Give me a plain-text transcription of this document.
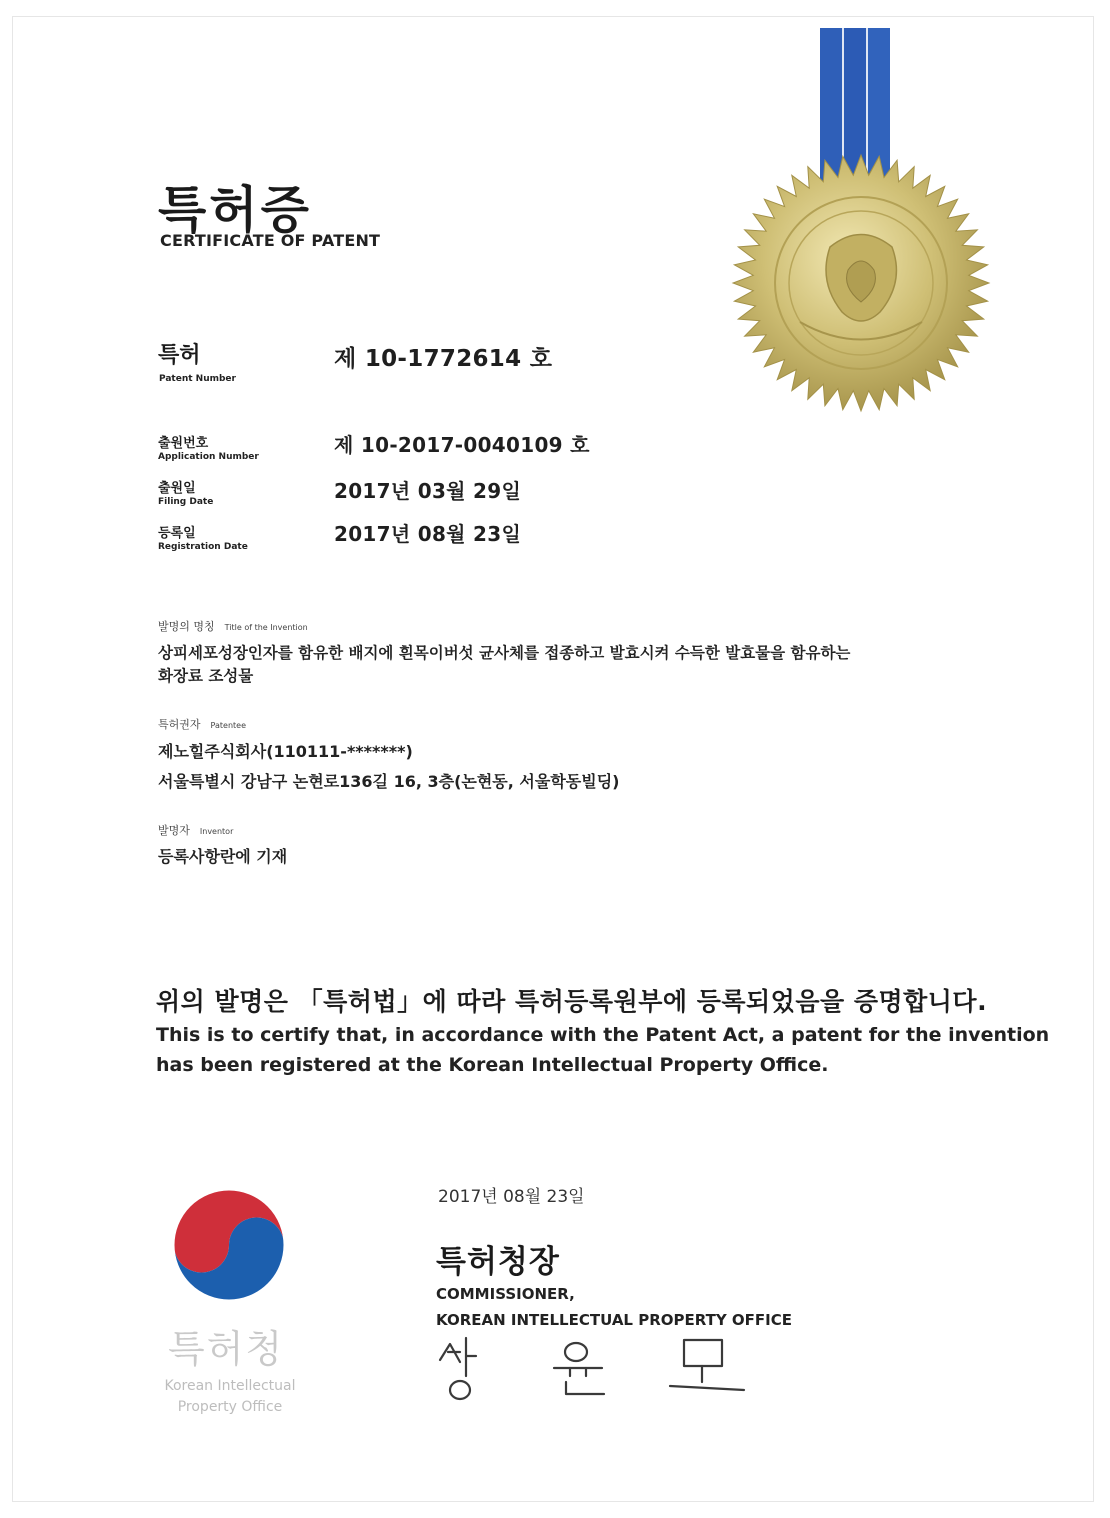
특허증
CERTIFICATE OF PATENT
특허
Patent Number
제 10-1772614 호
출원번호
Application Number	제 10-2017-0040109 호
출원일
Filing Date	2017년 03월 29일
등록일
Registration Date
2017년 08월 23일
발명의 명칭 Title of the Invention
상피세포성장인자를 함유한 배지에 흰목이버섯 균사체를 접종하고 발효시켜 수득한 발효물을 함유하는
화장료 조성물
특허권자 Patentee
제노힐주식회사(110111-*******)
서울특별시 강남구 논현로136길 16, 3층(논현동, 서울학동빌딩)
발명자 Inventor
등록사항란에 기재
위의 발명은 「특허법」에 따라 특허등록원부에 등록되었음을 증명합니다.
This is to certify that, in accordance with the Patent Act, a patent for the invention
has been registered at the Korean Intellectual Property Office.
특허청
Korean Intellectual
Property Office
2017년 08월 23일
특허청장
COMMISSIONER,
KOREAN INTELLECTUAL PROPERTY OFFICE
